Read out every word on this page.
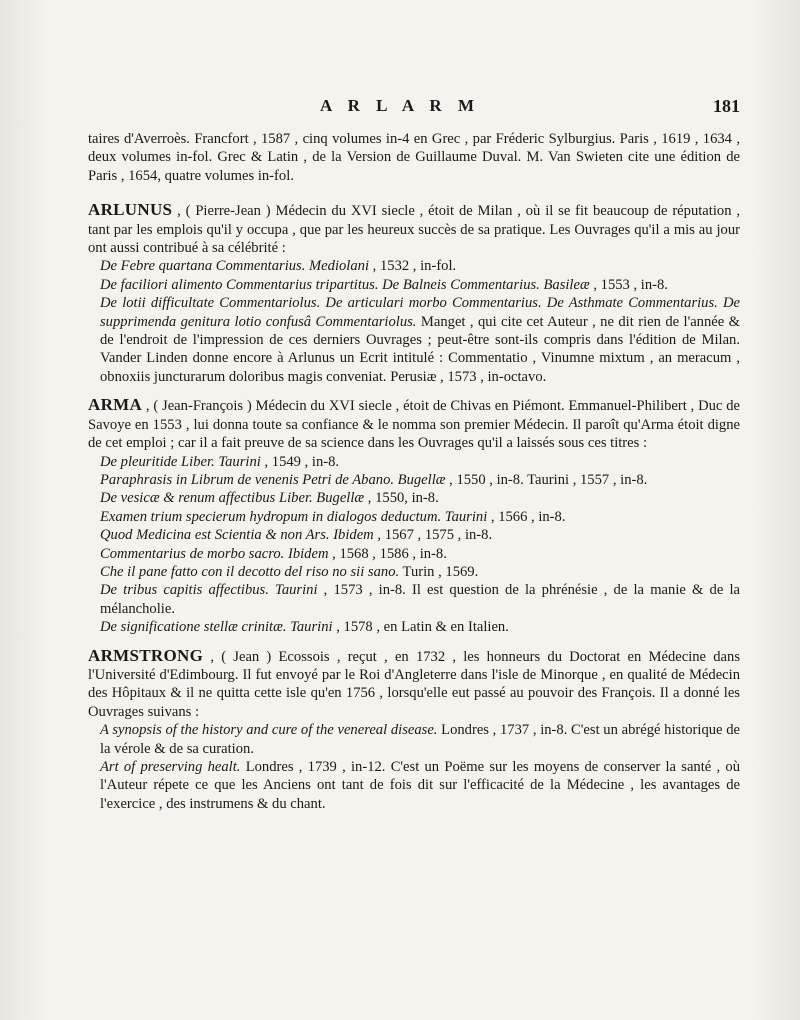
A R L A R M	181

taires d'Averroès. Francfort , 1587 , cinq volumes in-4 en Grec , par Fréderic Sylburgius. Paris , 1619 , 1634 , deux volumes in-fol. Grec & Latin , de la Version de Guillaume Duval. M. Van Swieten cite une édition de Paris , 1654, quatre volumes in-fol.

ARLUNUS , ( Pierre-Jean ) Médecin du XVI siecle , étoit de Milan , où il se fit beaucoup de réputation , tant par les emplois qu'il y occupa , que par les heureux succès de sa pratique. Les Ouvrages qu'il a mis au jour ont aussi contribué à sa célébrité :

De Febre quartana Commentarius. Mediolani , 1532 , in-fol.

De faciliori alimento Commentarius tripartitus. De Balneis Commentarius. Basileæ , 1553 , in-8.

De lotii difficultate Commentariolus. De articulari morbo Commentarius. De Asthmate Commentarius. De supprimenda genitura lotio confusâ Commentariolus. Manget , qui cite cet Auteur , ne dit rien de l'année & de l'endroit de l'impression de ces derniers Ouvrages ; peut-être sont-ils compris dans l'édition de Milan. Vander Linden donne encore à Arlunus un Ecrit intitulé : Commentatio , Vinumne mixtum , an meracum , obnoxiis juncturarum doloribus magis conveniat. Perusiæ , 1573 , in-octavo.

ARMA , ( Jean-François ) Médecin du XVI siecle , étoit de Chivas en Piémont. Emmanuel-Philibert , Duc de Savoye en 1553 , lui donna toute sa confiance & le nomma son premier Médecin. Il paroît qu'Arma étoit digne de cet emploi ; car il a fait preuve de sa science dans les Ouvrages qu'il a laissés sous ces titres :

De pleuritide Liber. Taurini , 1549 , in-8.

Paraphrasis in Librum de venenis Petri de Abano. Bugellæ , 1550 , in-8. Taurini , 1557 , in-8.

De vesicæ & renum affectibus Liber. Bugellæ , 1550, in-8.

Examen trium specierum hydropum in dialogos deductum. Taurini , 1566 , in-8.

Quod Medicina est Scientia & non Ars. Ibidem , 1567 , 1575 , in-8.

Commentarius de morbo sacro. Ibidem , 1568 , 1586 , in-8.

Che il pane fatto con il decotto del riso no sii sano. Turin , 1569.

De tribus capitis affectibus. Taurini , 1573 , in-8. Il est question de la phrénésie , de la manie & de la mélancholie.

De significatione stellæ crinitæ. Taurini , 1578 , en Latin & en Italien.

ARMSTRONG , ( Jean ) Ecossois , reçut , en 1732 , les honneurs du Doctorat en Médecine dans l'Université d'Edimbourg. Il fut envoyé par le Roi d'Angleterre dans l'isle de Minorque , en qualité de Médecin des Hôpitaux & il ne quitta cette isle qu'en 1756 , lorsqu'elle eut passé au pouvoir des François. Il a donné les Ouvrages suivans :

A synopsis of the history and cure of the venereal disease. Londres , 1737 , in-8. C'est un abrégé historique de la vérole & de sa curation.

Art of preserving healt. Londres , 1739 , in-12. C'est un Poëme sur les moyens de conserver la santé , où l'Auteur répete ce que les Anciens ont tant de fois dit sur l'efficacité de la Médecine , les avantages de l'exercice , des instrumens & du chant.
